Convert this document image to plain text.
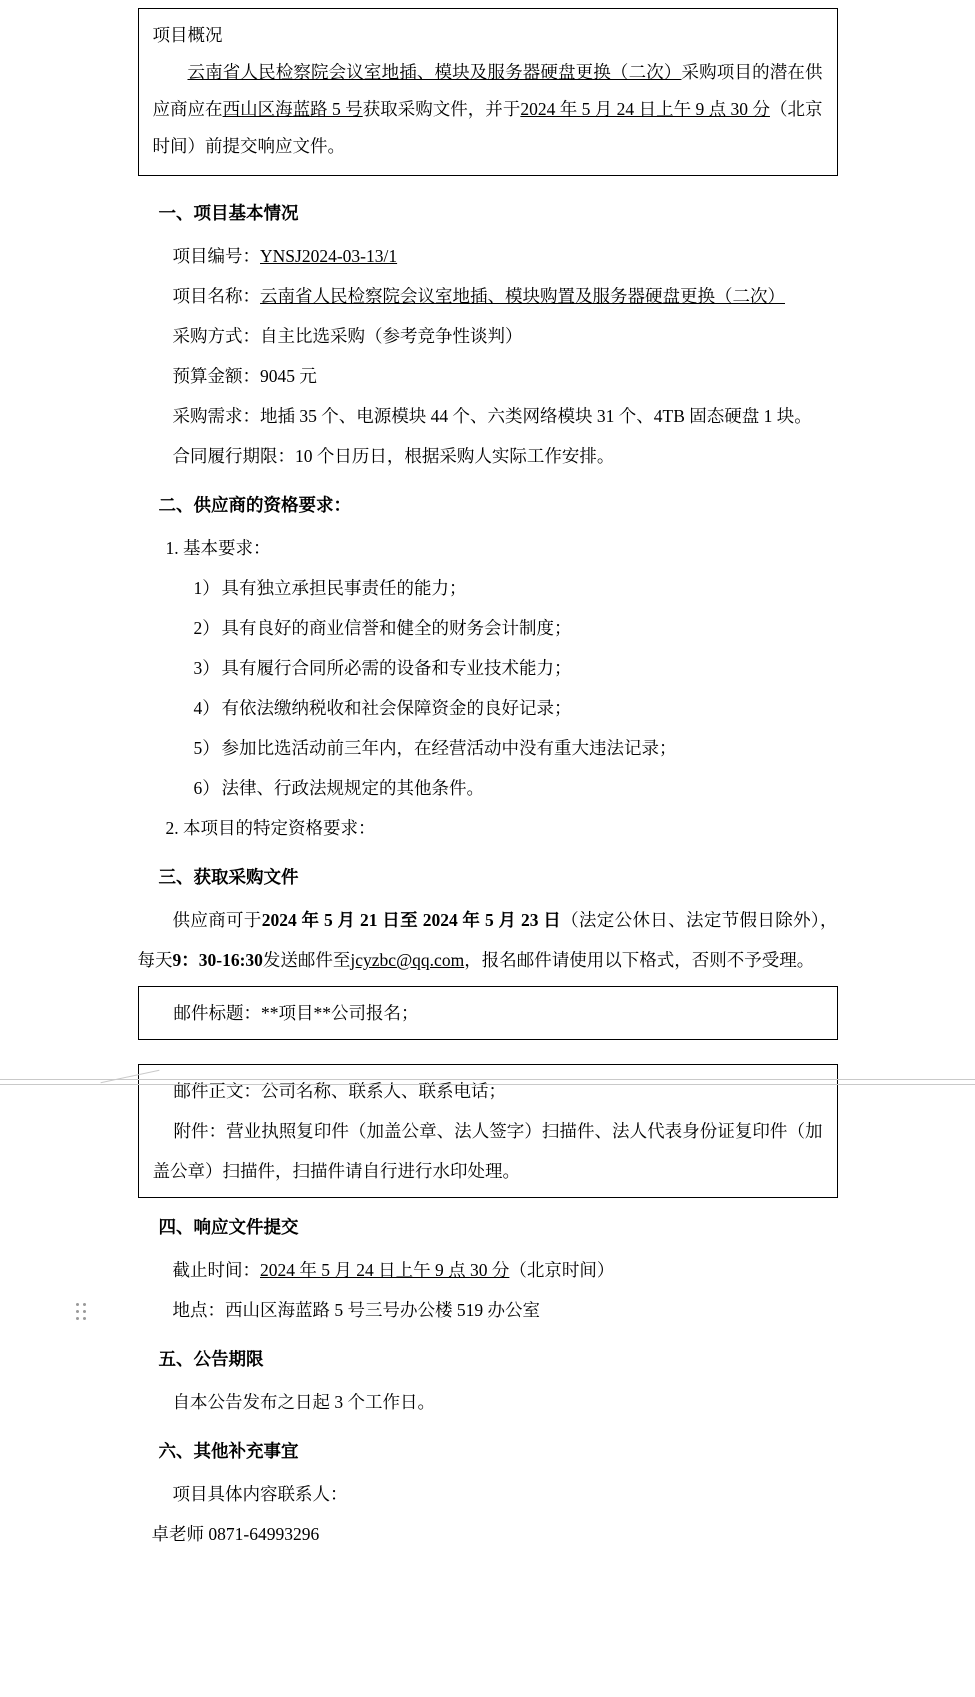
项目概况

云南省人民检察院会议室地插、模块及服务器硬盘更换（二次）采购项目的潜在供应商应在西山区海蓝路 5 号获取采购文件，并于2024 年 5 月 24 日上午 9 点 30 分（北京时间）前提交响应文件。

一、项目基本情况

项目编号：YNSJ2024-03-13/1

项目名称：云南省人民检察院会议室地插、模块购置及服务器硬盘更换（二次）

采购方式：自主比选采购（参考竞争性谈判）

预算金额：9045 元

采购需求：地插 35 个、电源模块 44 个、六类网络模块 31 个、4TB 固态硬盘 1 块。

合同履行期限：10 个日历日，根据采购人实际工作安排。

二、供应商的资格要求：

1. 基本要求：

1） 具有独立承担民事责任的能力；

2） 具有良好的商业信誉和健全的财务会计制度；

3） 具有履行合同所必需的设备和专业技术能力；

4） 有依法缴纳税收和社会保障资金的良好记录；

5） 参加比选活动前三年内，在经营活动中没有重大违法记录；

6） 法律、行政法规规定的其他条件。

2. 本项目的特定资格要求：

三、获取采购文件

供应商可于2024 年 5 月 21 日至 2024 年 5 月 23 日（法定公休日、法定节假日除外），每天9：30-16:30发送邮件至jcyzbc@qq.com，报名邮件请使用以下格式，否则不予受理。

邮件标题：**项目**公司报名；

邮件正文：公司名称、联系人、联系电话；

附件：营业执照复印件（加盖公章、法人签字）扫描件、法人代表身份证复印件（加盖公章）扫描件，扫描件请自行进行水印处理。

四、响应文件提交

截止时间：2024 年 5 月 24 日上午 9 点 30 分（北京时间）

地点：西山区海蓝路 5 号三号办公楼 519 办公室

五、公告期限

自本公告发布之日起 3 个工作日。

六、其他补充事宜

项目具体内容联系人：

卓老师 0871-64993296
